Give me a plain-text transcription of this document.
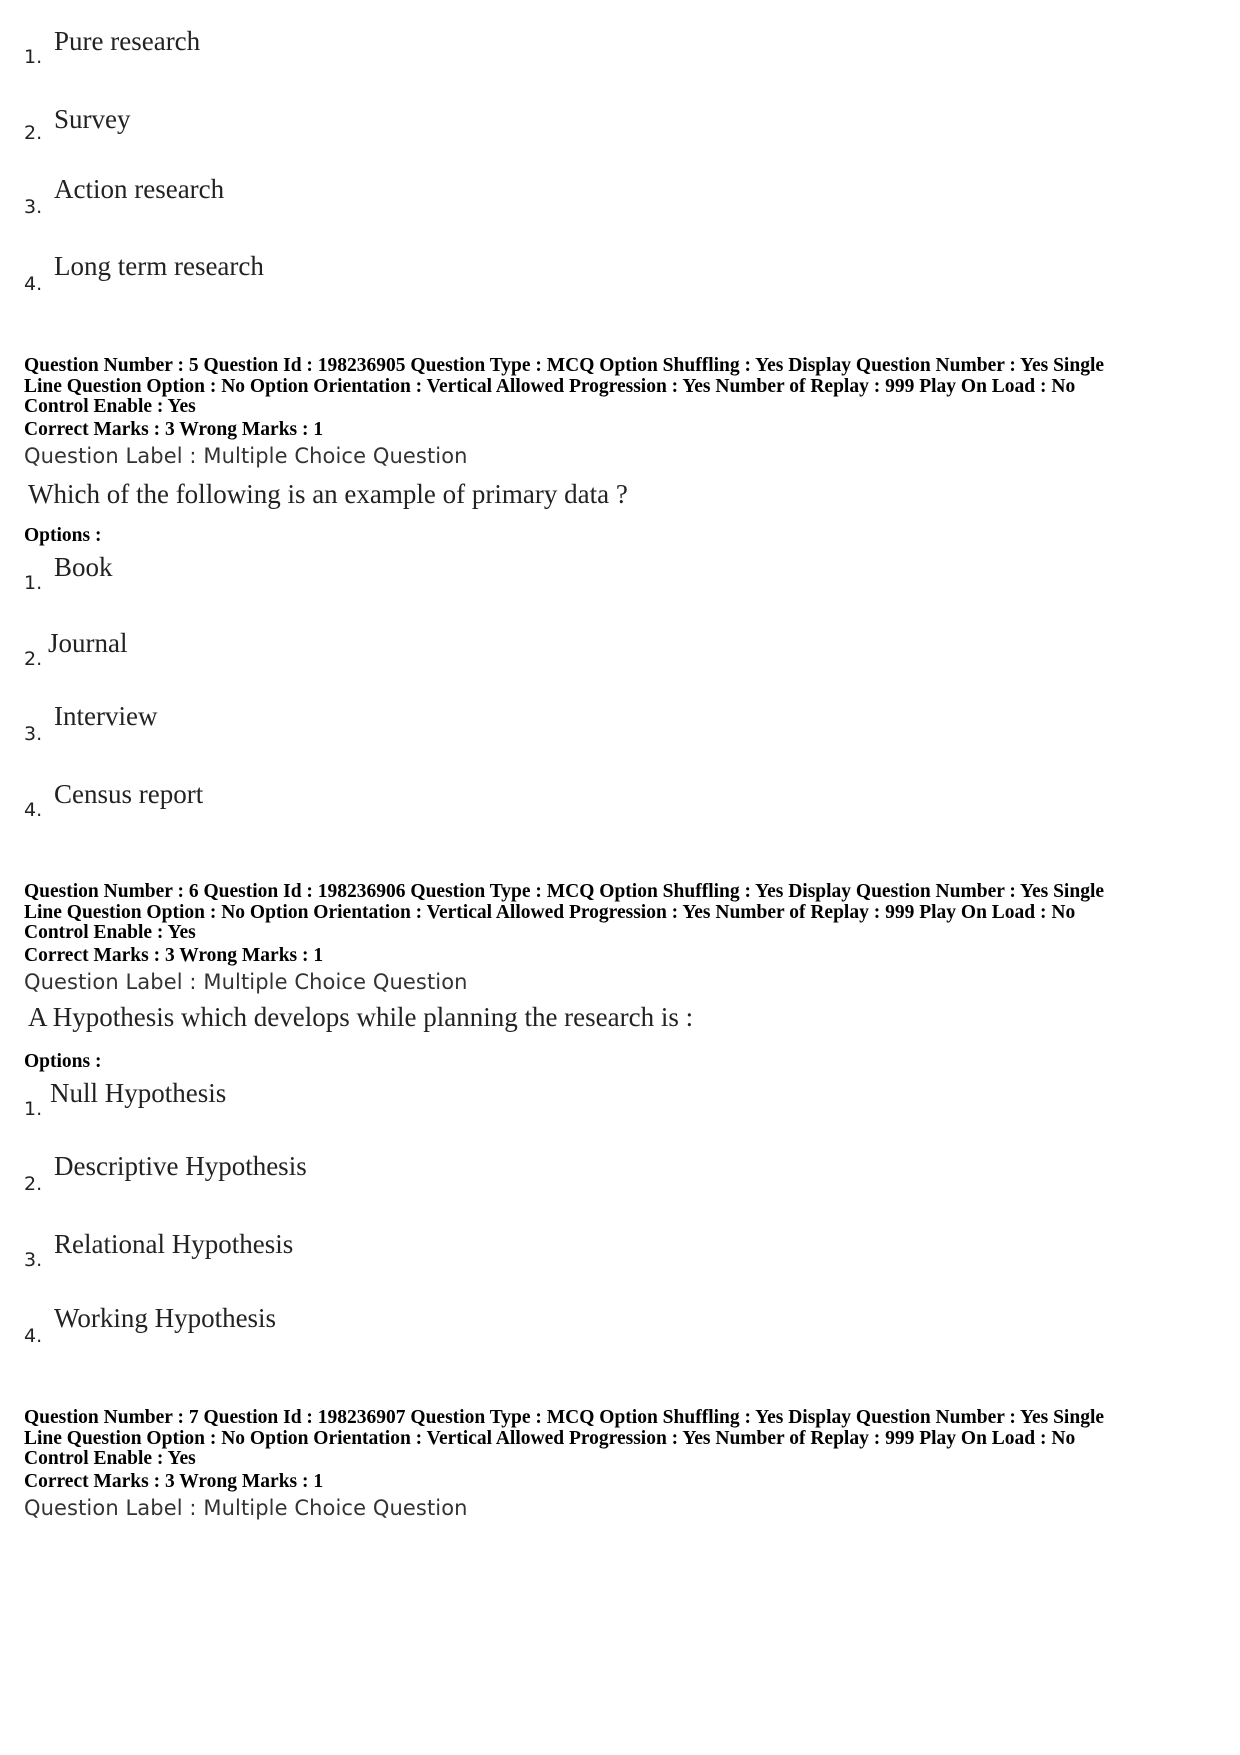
1.
Pure research
2. Survey
3.
Action research
4.
Long term research
Question Number : 5 Question Id : 198236905 Question Type : MCQ Option Shuffling : Yes Display Question Number : Yes Single
Line Question Option : No Option Orientation : Vertical Allowed Progression : Yes Number of Replay : 999 Play On Load : No
Control Enable : Yes
Correct Marks : 3 Wrong Marks : 1
Question Label : Multiple Choice Question
Which of the following is an example of primary data ?
Options :
1.
Book
2.
Journal
3.
Interview
4.
Census report
Question Number : 6 Question Id : 198236906 Question Type : MCQ Option Shuffling : Yes Display Question Number : Yes Single
Line Question Option : No Option Orientation : Vertical Allowed Progression : Yes Number of Replay : 999 Play On Load : No
Control Enable : Yes
Correct Marks : 3 Wrong Marks : 1
Question Label : Multiple Choice Question
A Hypothesis which develops while planning the research is :
Options :
1.
Null Hypothesis
2.
Descriptive Hypothesis
3.
Relational Hypothesis
4.
Working Hypothesis
Question Number : 7 Question Id : 198236907 Question Type : MCQ Option Shuffling : Yes Display Question Number : Yes Single
Line Question Option : No Option Orientation : Vertical Allowed Progression : Yes Number of Replay : 999 Play On Load : No
Control Enable : Yes
Correct Marks : 3 Wrong Marks : 1
Question Label : Multiple Choice Question
